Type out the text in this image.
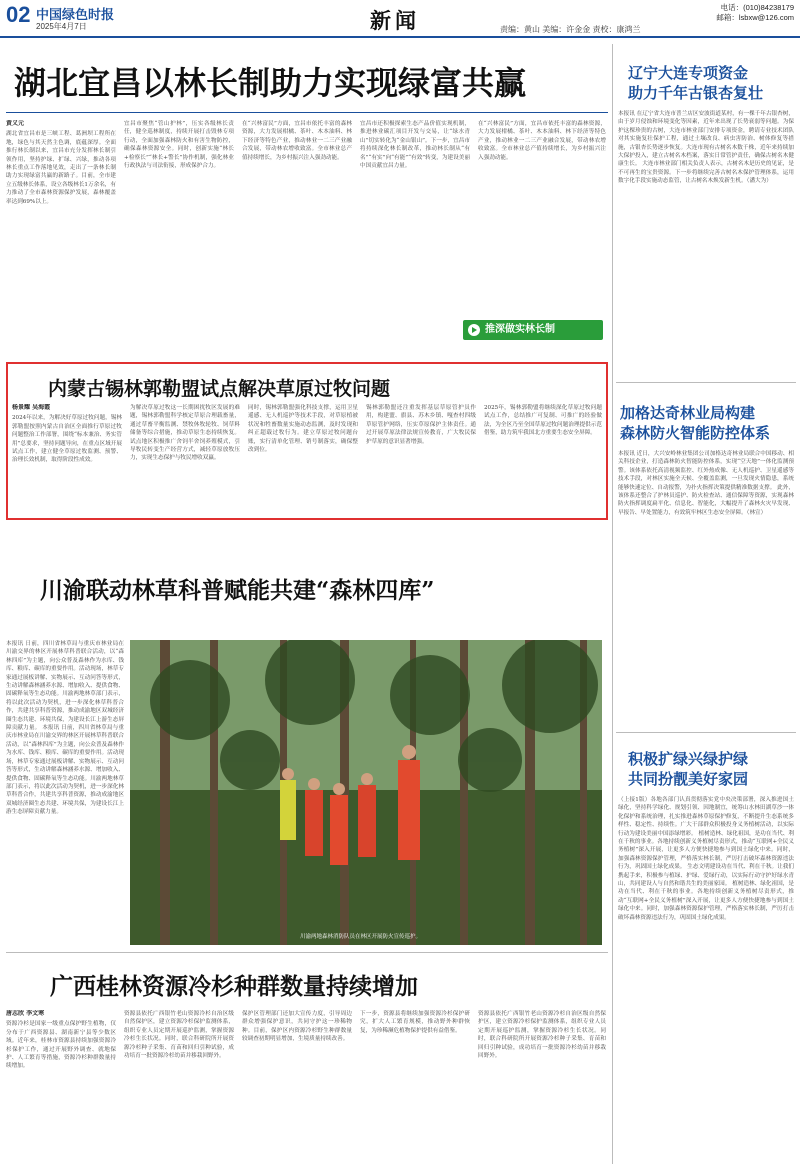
02 中国绿色时报
2025年4月7日	新闻	责编：黄山 美编：许金金 责校：康鸿兰
电话：(010)84238179
邮箱：lsbxw@126.com
湖北宜昌以林长制助力实现绿富共赢
黄义元
湖北省宜昌市是三峡工程、葛洲坝工程所在地，绿色与其天然主色调，底蕴深厚。全面推行林长制以来，宜昌市充分发挥林长制引领作用，坚持护绿、扩绿、兴绿，推动各项林长重点工作落地见效，走出了一条林长制助力实现绿富共赢的新路子。目前，全市建立五级林长体系，设立各级林长1万余名，有力推动了全市森林资源保护发展，森林覆盖率达到69%以上。
宜昌市聚焦“管山护林”，压实各级林长责任，健全巡林制度，持续开展打击毁林专项行动，全面加强森林防火和有害生物防控，确保森林资源安全。同时，创新实施“林长+检察长”“林长+警长”协作机制，强化林业行政执法与司法衔接，形成保护合力。
在“兴林富民”方面，宜昌市依托丰富的森林资源，大力发展柑橘、茶叶、木本油料、林下经济等特色产业，推动林业一二三产业融合发展，带动林农增收致富。全市林业总产值持续增长，为乡村振兴注入强劲动能。
宜昌市还积极探索生态产品价值实现机制，推进林业碳汇项目开发与交易，让“绿水青山”切实转化为“金山银山”。下一步，宜昌市将持续深化林长制改革，推动林长制从“有名”“有实”向“有能”“有效”转变，为建设美丽中国贡献宜昌力量。
在“兴林富民”方面，宜昌市依托丰富的森林资源，大力发展柑橘、茶叶、木本油料、林下经济等特色产业，推动林业一二三产业融合发展，带动林农增收致富。全市林业总产值持续增长，为乡村振兴注入强劲动能。
推深做实林长制
内蒙古锡林郭勒盟试点解决草原过牧问题
杨景耀 吴海霞
2024年以来，为解决好草原过牧问题，锡林郭勒盟按照内蒙古自治区全面推行草原过牧问题整治工作部署，围绕“标本兼治、务实管用”总要求，坚持问题导向，在重点区域开展试点工作，建立健全草原过牧监测、预警、治理长效机制，取得阶段性成效。
为解决草原过牧这一长期困扰牧区发展的难题，锡林郭勒盟科学核定草原合理载畜量，通过草畜平衡监测、禁牧休牧轮牧、饲草料储备等综合措施，推动草原生态持续恢复。试点地区积极推广舍饲半舍饲养殖模式，引导牧民转变生产经营方式，减轻草原放牧压力，实现生态保护与牧民增收双赢。
同时，锡林郭勒盟强化科技支撑，运用卫星遥感、无人机巡护等技术手段，对草原植被状况和牲畜数量实施动态监测，及时发现和纠正超载过牧行为。建立草原过牧问题台账，实行清单化管理、销号制落实，确保整改到位。
锡林郭勒盟还注重发挥基层草原管护员作用，构建盟、旗县、苏木乡镇、嘎查村四级草原管护网络，压实草原保护主体责任。通过开展草原法律法规宣传教育，广大牧民保护草原的意识显著增强。
2025年，锡林郭勒盟将继续深化草原过牧问题试点工作，总结推广可复制、可推广的经验做法，为全区乃至全国草原过牧问题治理提供示范借鉴，助力筑牢我国北方重要生态安全屏障。
辽宁大连专项资金
助力千年古银杏复壮
本报讯 在辽宁省大连市普兰店区安波街道某村，有一棵千年古银杏树，由于岁月侵蚀和环境变化等因素，近年来出现了长势衰弱等问题。为保护这棵珍贵的古树，大连市林业部门安排专项资金，聘请专业技术团队对其实施复壮保护工程，通过土壤改良、病虫害防治、树体修复等措施，古银杏长势逐步恢复。大连市现有古树名木数千株，近年来持续加大保护投入，建立古树名木档案，落实日常管护责任，确保古树名木健康生长。 大连市林业部门相关负责人表示，古树名木是历史的见证，是不可再生的宝贵资源。下一步将继续完善古树名木保护管理体系，运用数字化手段实施动态监管，让古树名木焕发新生机。（潘大为）
加格达奇林业局构建
森林防火智能防控体系
本报讯 近日，大兴安岭林业集团公司加格达奇林业局联合中国移动、相关科技企业，打造森林防火智能防控体系，实现“空天地”一体化监测预警。该体系依托高清视频监控、红外热成像、无人机巡护、卫星遥感等技术手段，对林区实施全天候、全覆盖监测，一旦发现火情隐患，系统能够快速定位、自动报警，为扑火指挥决策提供精准数据支撑。 此外，该体系还整合了护林员巡护、防火检查站、通信保障等资源，实现森林防火指挥调度扁平化、信息化、智能化，大幅提升了森林火灾早发现、早报告、早处置能力，有效筑牢林区生态安全屏障。（林宣）
积极扩绿兴绿护绿
共同扮靓美好家园
（上接1版）各地各部门认真贯彻落实党中央决策部署，深入推进国土绿化，坚持科学绿化、规划引领、因地制宜，统筹山水林田湖草沙一体化保护和系统治理，扎实推进森林草原保护修复，不断提升生态系统多样性、稳定性、持续性。广大干部群众积极投身义务植树活动，以实际行动为建设美丽中国添绿增彩。 植树造林、绿化祖国，是功在当代、利在千秋的事业。各地持续创新义务植树尽责形式，推动“互联网+全民义务植树”深入开展，让更多人方便快捷地参与到国土绿化中来。同时，加强森林资源保护管理，严格落实林长制，严厉打击破坏森林资源违法行为，巩固国土绿化成果。 生态文明建设功在当代、利在千秋。让我们携起手来，积极参与植绿、护绿、爱绿行动，以实际行动守护好绿水青山，共同建设人与自然和谐共生的美丽家园。 植树造林、绿化祖国，是功在当代、利在千秋的事业。各地持续创新义务植树尽责形式，推动“互联网+全民义务植树”深入开展，让更多人方便快捷地参与到国土绿化中来。同时，加强森林资源保护管理，严格落实林长制，严厉打击破坏森林资源违法行为，巩固国土绿化成果。
川渝联动林草科普赋能共建“森林四库”
本报讯 日前，四川省林草局与重庆市林业局在川渝交界的林区开展林草科普联合活动，以“森林四库”为主题，向公众普及森林作为水库、钱库、粮库、碳库的重要作用。活动现场，林草专家通过展板讲解、实物展示、互动问答等形式，生动讲解森林涵养水源、增加收入、提供食物、固碳释氧等生态功能。川渝两地林草部门表示，将以此次活动为契机，进一步深化林草科普合作，共建共享科普资源，推动成渝地区双城经济圈生态共建、环境共保，为建设长江上游生态屏障贡献力量。 本报讯 日前，四川省林草局与重庆市林业局在川渝交界的林区开展林草科普联合活动，以“森林四库”为主题，向公众普及森林作为水库、钱库、粮库、碳库的重要作用。活动现场，林草专家通过展板讲解、实物展示、互动问答等形式，生动讲解森林涵养水源、增加收入、提供食物、固碳释氧等生态功能。川渝两地林草部门表示，将以此次活动为契机，进一步深化林草科普合作，共建共享科普资源，推动成渝地区双城经济圈生态共建、环境共保，为建设长江上游生态屏障贡献力量。
川渝两地森林消防队员在林区开展防火宣传巡护。
广西桂林资源冷杉种群数量持续增加
唐志欣 李文寒
资源冷杉是国家一级重点保护野生植物，仅分布于广西资源县、湖南新宁县等少数区域。近年来，桂林市资源县持续加强资源冷杉保护工作，通过开展野外调查、就地保护、人工繁育等措施，资源冷杉种群数量持续增加。
资源县依托广西银竹老山资源冷杉自治区级自然保护区，建立资源冷杉保护监测体系，组织专业人员定期开展巡护监测，掌握资源冷杉生长状况。同时，联合科研院所开展资源冷杉种子采集、育苗和回归引种试验，成功培育一批资源冷杉幼苗并移栽回野外。
保护区管理部门还加大宣传力度，引导周边群众增强保护意识，共同守护这一珍稀物种。目前，保护区内资源冷杉野生种群数量较调查初期明显增加，生境质量持续改善。
下一步，资源县将继续加强资源冷杉保护研究，扩大人工繁育规模，推动野外种群恢复，为珍稀濒危植物保护提供有益借鉴。
资源县依托广西银竹老山资源冷杉自治区级自然保护区，建立资源冷杉保护监测体系，组织专业人员定期开展巡护监测，掌握资源冷杉生长状况。同时，联合科研院所开展资源冷杉种子采集、育苗和回归引种试验，成功培育一批资源冷杉幼苗并移栽回野外。
